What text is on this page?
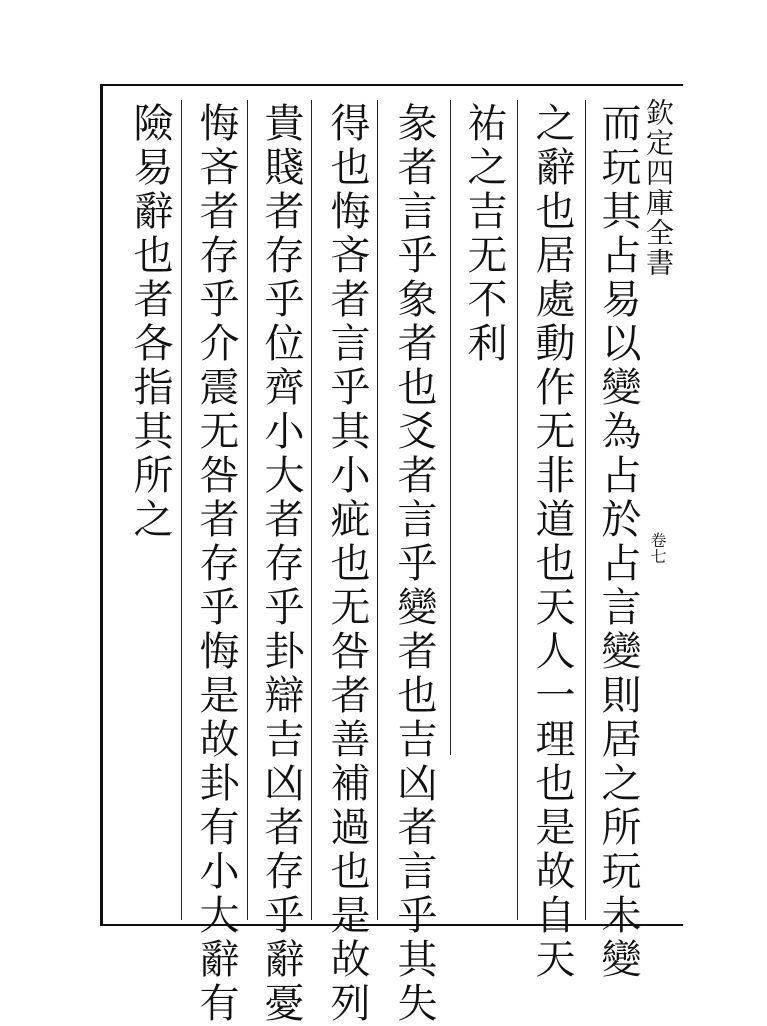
欽定四庫全書
卷七
而玩其占易以變為占於占言變則居之所玩未變
之辭也居處動作无非道也天人一理也是故自天
祐之吉无不利
彖者言乎象者也爻者言乎變者也吉凶者言乎其失
得也悔吝者言乎其小疵也无咎者善補過也是故列
貴賤者存乎位齊小大者存乎卦辯吉凶者存乎辭憂
悔吝者存乎介震无咎者存乎悔是故卦有小大辭有
險易辭也者各指其所之
